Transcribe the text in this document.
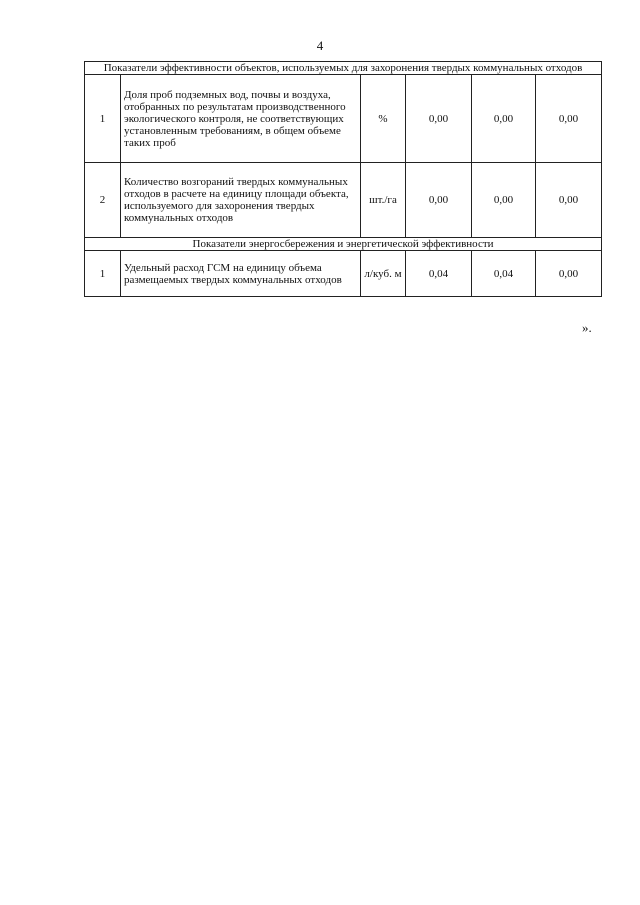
4
Показатели эффективности объектов, используемых для захоронения твердых коммунальных отходов					
1	Доля проб подземных вод, почвы и воздуха, отобранных по результатам производственного экологического контроля, не соответствующих установленным требованиям, в общем объеме таких проб	%	0,00	0,00	0,00
2	Количество возгораний твердых коммунальных отходов в расчете на единицу площади объекта, используемого для захоронения твердых коммунальных отходов	шт./га	0,00	0,00	0,00
Показатели энергосбережения и энергетической эффективности					
1	Удельный расход ГСМ на единицу объема размещаемых твердых коммунальных отходов	л/куб. м	0,04	0,04	0,00
».
